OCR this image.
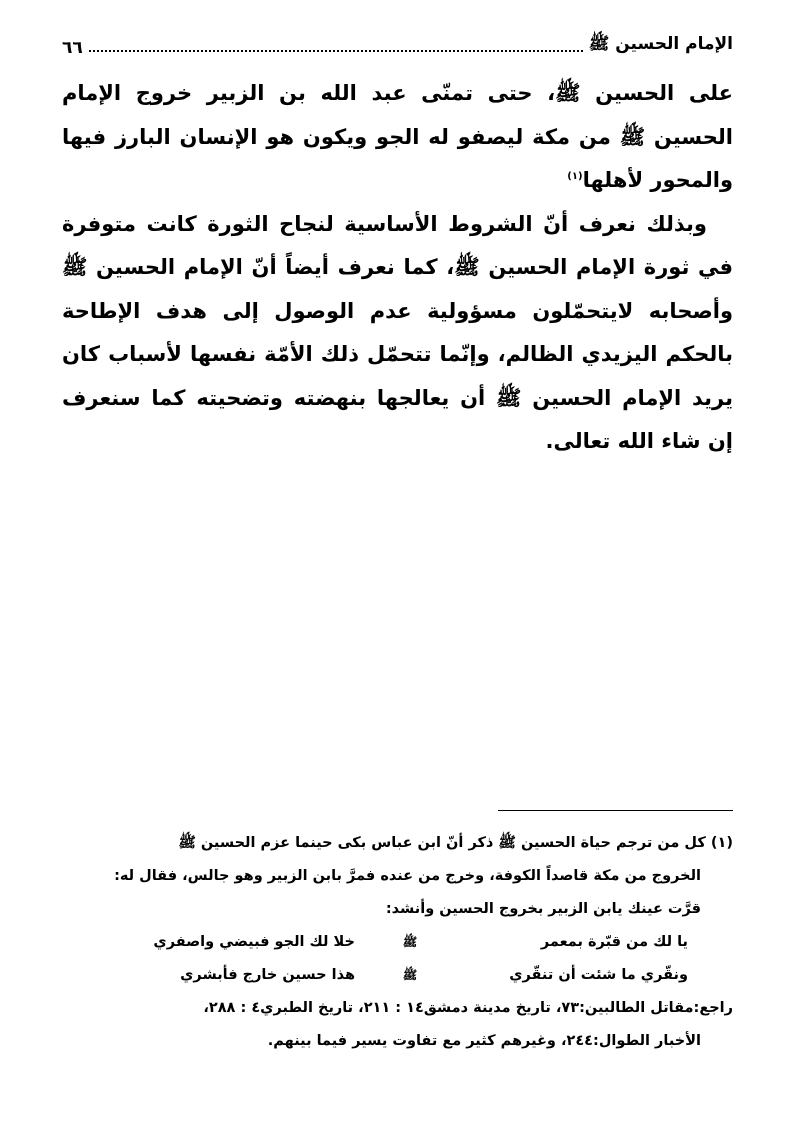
الإمام الحسين ﷺ
٦٦

على الحسين ﷺ، حتى تمنّى عبد الله بن الزبير خروج الإمام الحسين ﷺ من مكة ليصفو له الجو ويكون هو الإنسان البارز فيها والمحور لأهلها$^{(١)}$

وبذلك نعرف أنّ الشروط الأساسية لنجاح الثورة كانت متوفرة في ثورة الإمام الحسين ﷺ، كما نعرف أيضاً أنّ الإمام الحسين ﷺ وأصحابه لايتحمّلون مسؤولية عدم الوصول إلى هدف الإطاحة بالحكم اليزيدي الظالم، وإنّما تتحمّل ذلك الأمّة نفسها لأسباب كان يريد الإمام الحسين ﷺ أن يعالجها بنهضته وتضحيته كما سنعرف إن شاء الله تعالى.

(١) كل من ترجم حياة الحسين ﷺ ذكر أنّ ابن عباس بكى حينما عزم الحسين ﷺ

الخروج من مكة قاصداً الكوفة، وخرج من عنده فمرَّ بابن الزبير وهو جالس، فقال له:

قرَّت عينك يابن الزبير بخروج الحسين وأنشد:

يا لك من قبّرة بمعمر
ﷺ
خلا لك الجو فبيضي واصفري
ونقّري ما شئت أن تنقّري
ﷺ
هذا حسين خارج فأبشري

راجع:مقاتل الطالبين:٧٣، تاريخ مدينة دمشق١٤ : ٢١١، تاريخ الطبري٤ : ٢٨٨،

الأخبار الطوال:٢٤٤، وغيرهم كثير مع تفاوت يسير فيما بينهم.
